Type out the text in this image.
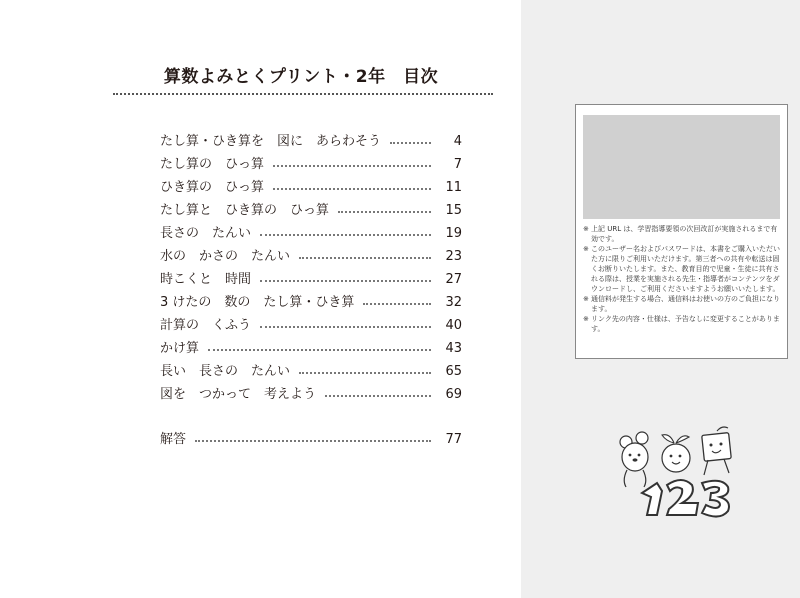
算数よみとくプリント・2年　目次
たし算・ひき算を　図に　あらわそう	4
たし算の　ひっ算	7
ひき算の　ひっ算	11
たし算と　ひき算の　ひっ算	15
長さの　たんい	19
水の　かさの　たんい	23
時こくと　時間	27
3 けたの　数の　たし算・ひき算	32
計算の　くふう	40
かけ算	43
長い　長さの　たんい	65
図を　つかって　考えよう	69
解答	77
※ 上記 URL は、学習指導要領の次回改訂が実施されるまで有効です。
※ このユーザー名およびパスワードは、本書をご購入いただいた方に限りご利用いただけます。第三者への共有や転送は固くお断りいたします。また、教育目的で児童・生徒に共有される際は、授業を実施される先生・指導者がコンテンツをダウンロードし、ご利用くださいますようお願いいたします。
※ 通信料が発生する場合、通信料はお使いの方のご負担になります。
※ リンク先の内容・仕様は、予告なしに変更することがあります。
